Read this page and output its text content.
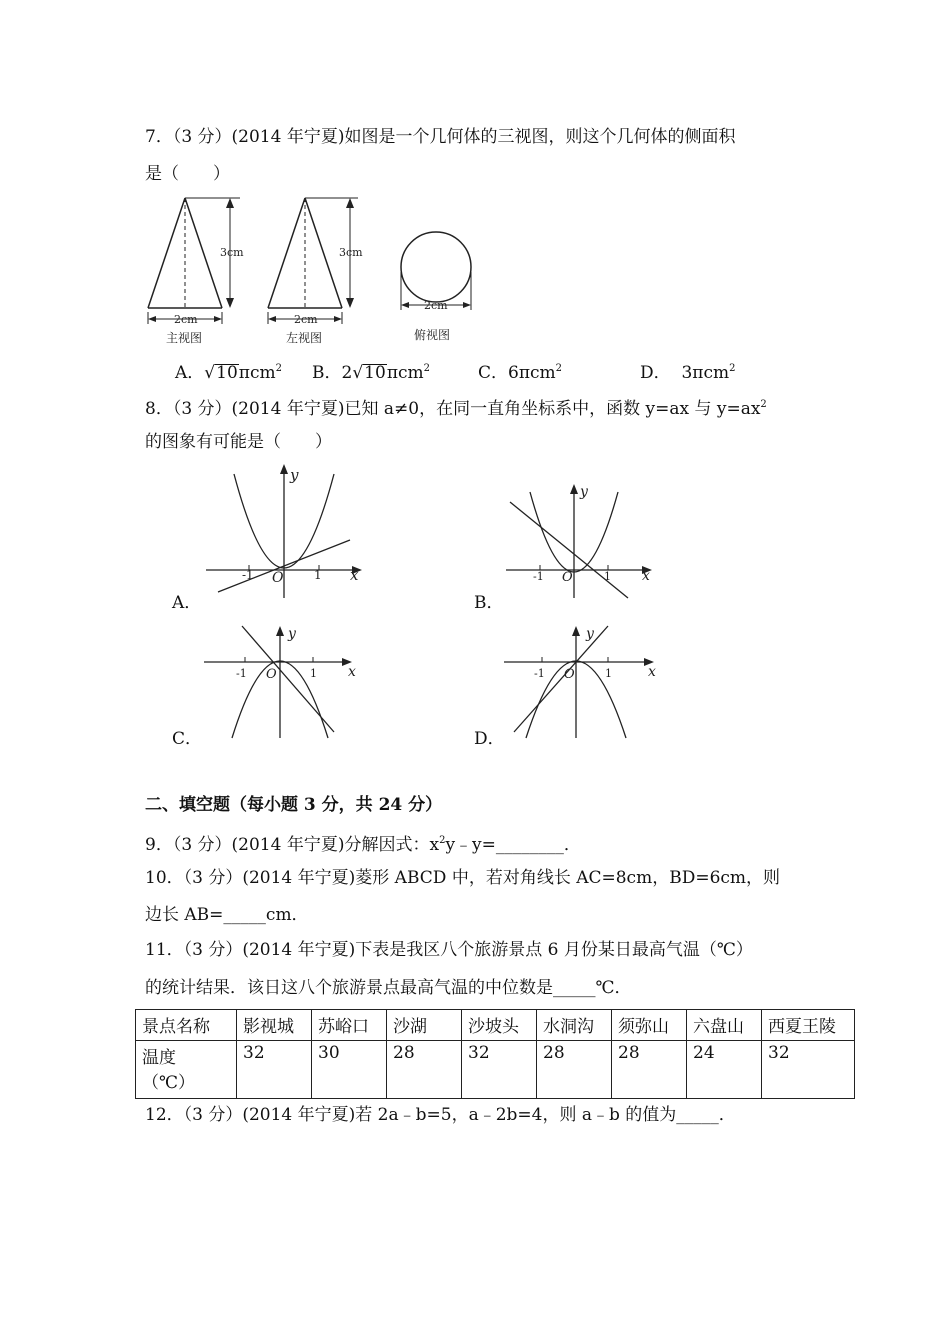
7．（3 分）(2014 年宁夏)如图是一个几何体的三视图，则这个几何体的侧面积
是（　　）
3cm
2cm
主视图
3cm
2cm
左视图
2cm
俯视图
A．√10πcm$^2$ B．2√10πcm$^2$	C．6πcm$^2$	D． 3πcm$^2$
8．（3 分）(2014 年宁夏)已知 a≠0，在同一直角坐标系中，函数 y=ax 与 $y=ax^2$
的图象有可能是（　　）
y
x
O
-1	1
A．
y
x
O
-1	1
B．
y
x
O
-1	1
C．
y
x
O
-1	1
D．
二、填空题（每小题 3 分，共 24 分）
9．（3 分）(2014 年宁夏)分解因式：$x^2y﹣y=\_\_\_\_\_\_\_\_$．
10．（3 分）(2014 年宁夏)菱形 ABCD 中，若对角线长 AC=8cm，BD=6cm，则
边长 AB=_____cm．
11．（3 分）(2014 年宁夏)下表是我区八个旅游景点 6 月份某日最高气温（℃）
的统计结果．该日这八个旅游景点最高气温的中位数是_____℃．
景点名称	影视城	苏峪口	沙湖	沙坡头	水洞沟	须弥山	六盘山	西夏王陵

温度
（℃）	32	30	28	32	28	28	24	32
12．（3 分）(2014 年宁夏)若 2a﹣b=5，a﹣2b=4，则 a﹣b 的值为_____．
